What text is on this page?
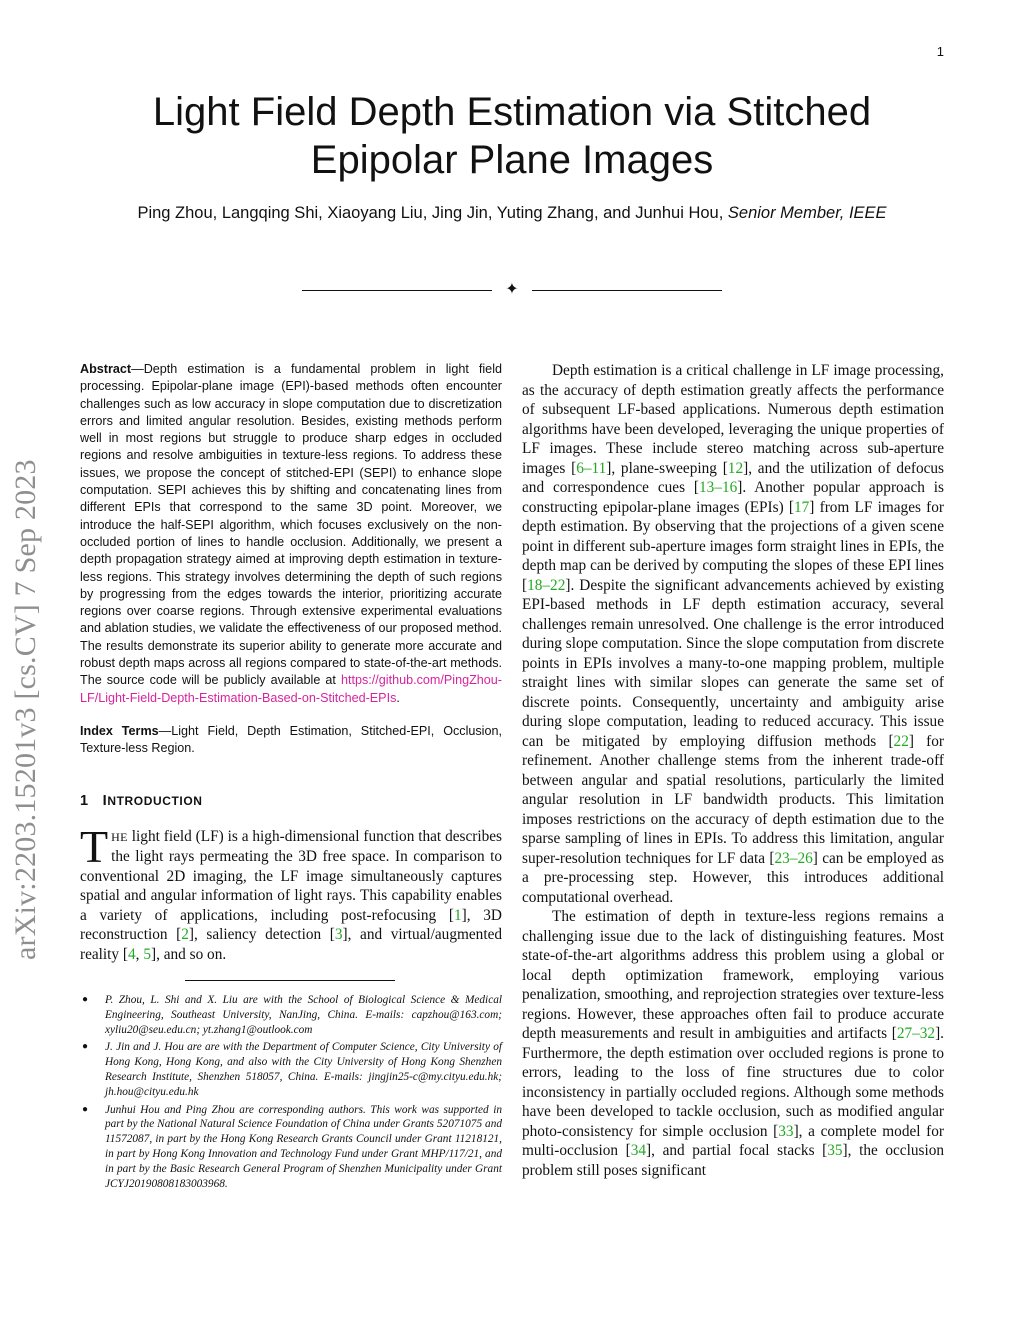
1
Light Field Depth Estimation via Stitched Epipolar Plane Images
Ping Zhou, Langqing Shi, Xiaoyang Liu, Jing Jin, Yuting Zhang, and Junhui Hou, Senior Member, IEEE
✦
arXiv:2203.15201v3 [cs.CV] 7 Sep 2023

Abstract—Depth estimation is a fundamental problem in light field processing. Epipolar-plane image (EPI)-based methods often encounter challenges such as low accuracy in slope computation due to discretization errors and limited angular resolution. Besides, existing methods perform well in most regions but struggle to produce sharp edges in occluded regions and resolve ambiguities in texture-less regions. To address these issues, we propose the concept of stitched-EPI (SEPI) to enhance slope computation. SEPI achieves this by shifting and concatenating lines from different EPIs that correspond to the same 3D point. Moreover, we introduce the half-SEPI algorithm, which focuses exclusively on the non-occluded portion of lines to handle occlusion. Additionally, we present a depth propagation strategy aimed at improving depth estimation in texture-less regions. This strategy involves determining the depth of such regions by progressing from the edges towards the interior, prioritizing accurate regions over coarse regions. Through extensive experimental evaluations and ablation studies, we validate the effectiveness of our proposed method. The results demonstrate its superior ability to generate more accurate and robust depth maps across all regions compared to state-of-the-art methods. The source code will be publicly available at https://github.com/PingZhou-LF/Light-Field-Depth-Estimation-Based-on-Stitched-EPIs.

Index Terms—Light Field, Depth Estimation, Stitched-EPI, Occlusion, Texture-less Region.

1 INTRODUCTION

THE light field (LF) is a high-dimensional function that describes the light rays permeating the 3D free space. In comparison to conventional 2D imaging, the LF image simultaneously captures spatial and angular information of light rays. This capability enables a variety of applications, including post-refocusing [1], 3D reconstruction [2], saliency detection [3], and virtual/augmented reality [4, 5], and so on.

● P. Zhou, L. Shi and X. Liu are with the School of Biological Science & Medical Engineering, Southeast University, NanJing, China. E-mails: capzhou@163.com; xyliu20@seu.edu.cn; yt.zhang1@outlook.com
● J. Jin and J. Hou are are with the Department of Computer Science, City University of Hong Kong, Hong Kong, and also with the City University of Hong Kong Shenzhen Research Institute, Shenzhen 518057, China. E-mails: jingjin25-c@my.cityu.edu.hk; jh.hou@cityu.edu.hk
● Junhui Hou and Ping Zhou are corresponding authors. This work was supported in part by the National Natural Science Foundation of China under Grants 52071075 and 11572087, in part by the Hong Kong Research Grants Council under Grant 11218121, in part by Hong Kong Innovation and Technology Fund under Grant MHP/117/21, and in part by the Basic Research General Program of Shenzhen Municipality under Grant JCYJ20190808183003968.

Depth estimation is a critical challenge in LF image processing, as the accuracy of depth estimation greatly affects the performance of subsequent LF-based applications. Numerous depth estimation algorithms have been developed, leveraging the unique properties of LF images. These include stereo matching across sub-aperture images [6–11], plane-sweeping [12], and the utilization of defocus and correspondence cues [13–16]. Another popular approach is constructing epipolar-plane images (EPIs) [17] from LF images for depth estimation. By observing that the projections of a given scene point in different sub-aperture images form straight lines in EPIs, the depth map can be derived by computing the slopes of these EPI lines [18–22]. Despite the significant advancements achieved by existing EPI-based methods in LF depth estimation accuracy, several challenges remain unresolved. One challenge is the error introduced during slope computation. Since the slope computation from discrete points in EPIs involves a many-to-one mapping problem, multiple straight lines with similar slopes can generate the same set of discrete points. Consequently, uncertainty and ambiguity arise during slope computation, leading to reduced accuracy. This issue can be mitigated by employing diffusion methods [22] for refinement. Another challenge stems from the inherent trade-off between angular and spatial resolutions, particularly the limited angular resolution in LF bandwidth products. This limitation imposes restrictions on the accuracy of depth estimation due to the sparse sampling of lines in EPIs. To address this limitation, angular super-resolution techniques for LF data [23–26] can be employed as a pre-processing step. However, this introduces additional computational overhead.

The estimation of depth in texture-less regions remains a challenging issue due to the lack of distinguishing features. Most state-of-the-art algorithms address this problem using a global or local depth optimization framework, employing various penalization, smoothing, and reprojection strategies over texture-less regions. However, these approaches often fail to produce accurate depth measurements and result in ambiguities and artifacts [27–32]. Furthermore, the depth estimation over occluded regions is prone to errors, leading to the loss of fine structures due to color inconsistency in partially occluded regions. Although some methods have been developed to tackle occlusion, such as modified angular photo-consistency for simple occlusion [33], a complete model for multi-occlusion [34], and partial focal stacks [35], the occlusion problem still poses significant
